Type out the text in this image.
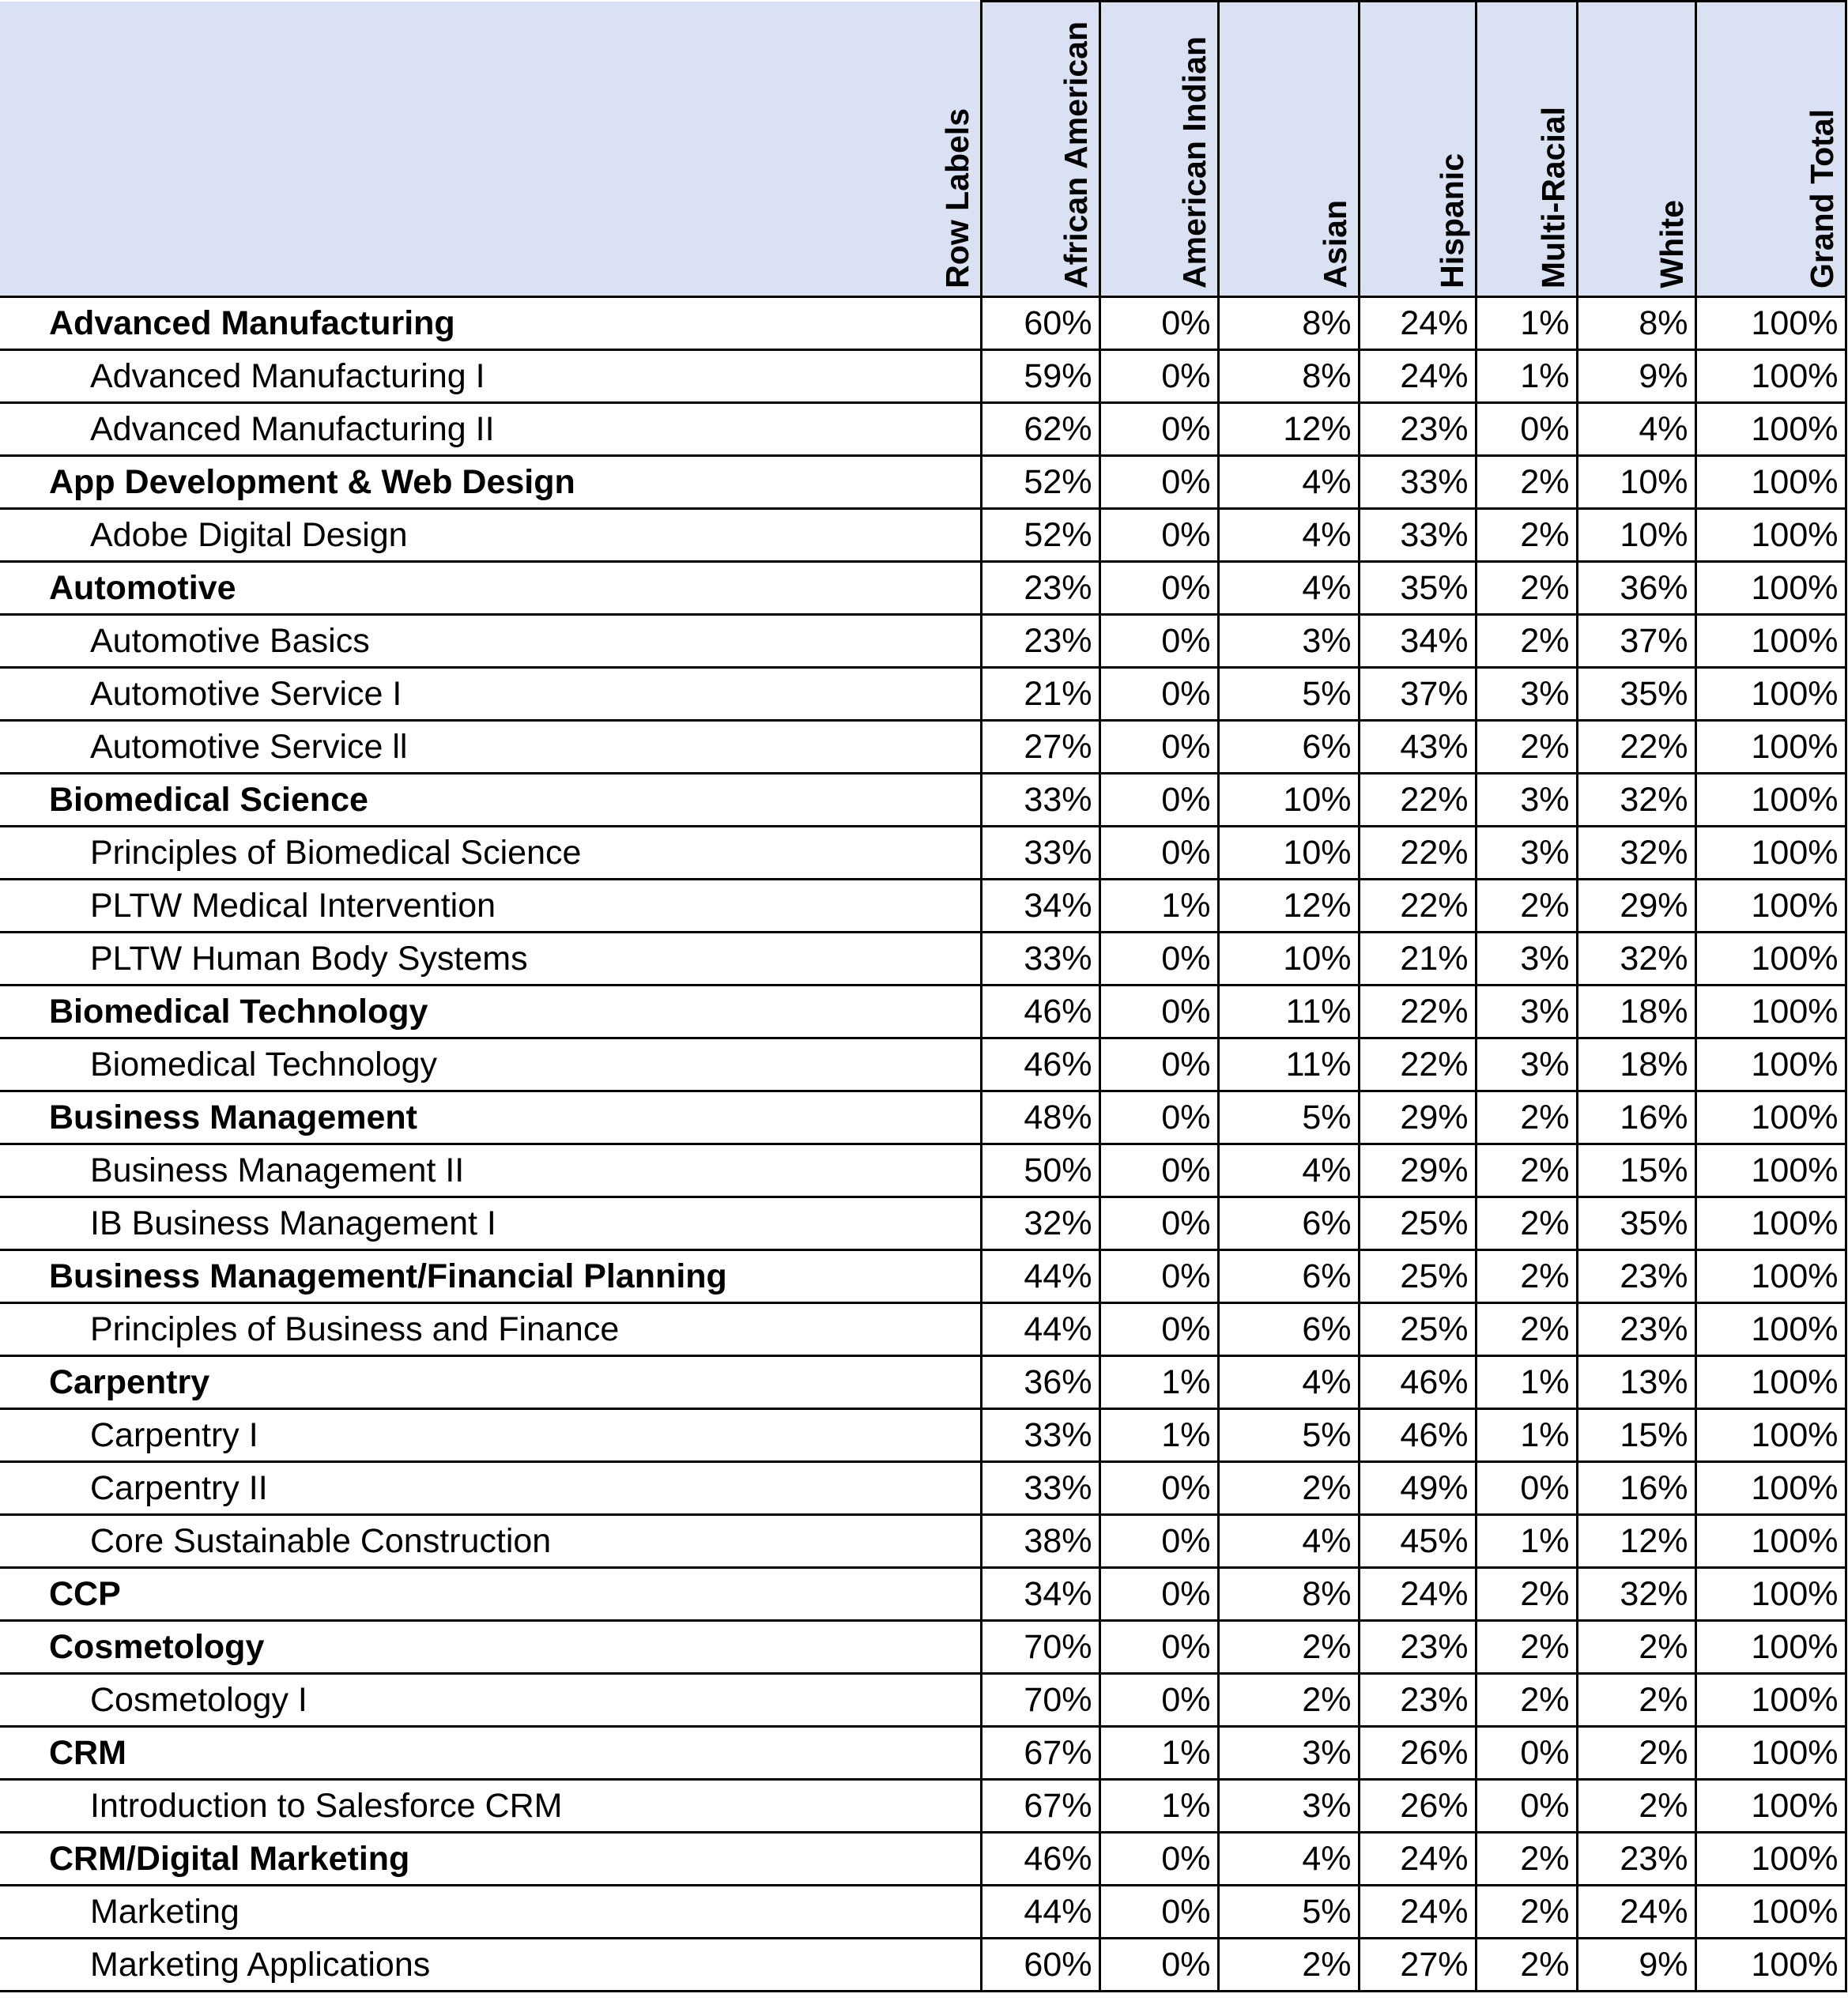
Row Labels	African American	American Indian	Asian	Hispanic	Multi-Racial	White	Grand Total

Advanced Manufacturing	60%	0%	8%	24%	1%	8%	100%
Advanced Manufacturing I	59%	0%	8%	24%	1%	9%	100%
Advanced Manufacturing II	62%	0%	12%	23%	0%	4%	100%
App Development & Web Design	52%	0%	4%	33%	2%	10%	100%
Adobe Digital Design	52%	0%	4%	33%	2%	10%	100%
Automotive	23%	0%	4%	35%	2%	36%	100%
Automotive Basics	23%	0%	3%	34%	2%	37%	100%
Automotive Service I	21%	0%	5%	37%	3%	35%	100%
Automotive Service ll	27%	0%	6%	43%	2%	22%	100%
Biomedical Science	33%	0%	10%	22%	3%	32%	100%
Principles of Biomedical Science	33%	0%	10%	22%	3%	32%	100%
PLTW Medical Intervention	34%	1%	12%	22%	2%	29%	100%
PLTW Human Body Systems	33%	0%	10%	21%	3%	32%	100%
Biomedical Technology	46%	0%	11%	22%	3%	18%	100%
Biomedical Technology	46%	0%	11%	22%	3%	18%	100%
Business Management	48%	0%	5%	29%	2%	16%	100%
Business Management II	50%	0%	4%	29%	2%	15%	100%
IB Business Management I	32%	0%	6%	25%	2%	35%	100%
Business Management/Financial Planning	44%	0%	6%	25%	2%	23%	100%
Principles of Business and Finance	44%	0%	6%	25%	2%	23%	100%
Carpentry	36%	1%	4%	46%	1%	13%	100%
Carpentry I	33%	1%	5%	46%	1%	15%	100%
Carpentry II	33%	0%	2%	49%	0%	16%	100%
Core Sustainable Construction	38%	0%	4%	45%	1%	12%	100%
CCP	34%	0%	8%	24%	2%	32%	100%
Cosmetology	70%	0%	2%	23%	2%	2%	100%
Cosmetology I	70%	0%	2%	23%	2%	2%	100%
CRM	67%	1%	3%	26%	0%	2%	100%
Introduction to Salesforce CRM	67%	1%	3%	26%	0%	2%	100%
CRM/Digital Marketing	46%	0%	4%	24%	2%	23%	100%
Marketing	44%	0%	5%	24%	2%	24%	100%
Marketing Applications	60%	0%	2%	27%	2%	9%	100%
